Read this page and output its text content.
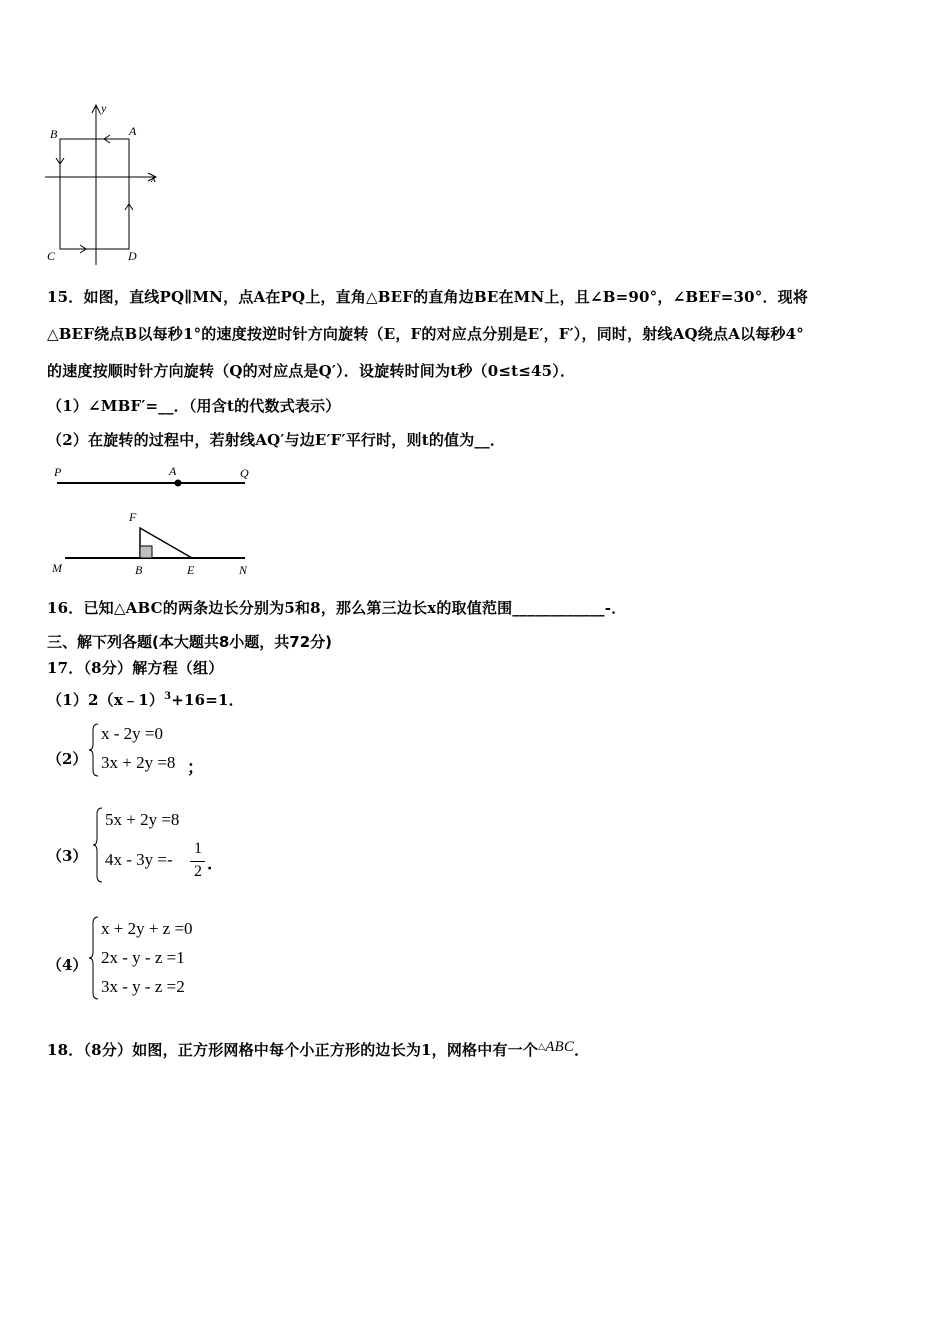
y
x
A
B
C	D
15．如图，直线PQ∥MN，点A在PQ上，直角△BEF的直角边BE在MN上，且∠B=90°，∠BEF=30°．现将
△BEF绕点B以每秒1°的速度按逆时针方向旋转（E，F的对应点分别是E′，F′），同时，射线AQ绕点A以每秒4°
的速度按顺时针方向旋转（Q的对应点是Q′）．设旋转时间为t秒（0≤t≤45）．
（1）∠MBF′=__．（用含t的代数式表示）
（2）在旋转的过程中，若射线AQ′与边E′F′平行时，则t的值为__．
P	A	Q
F
M	B	E	N
16．已知△ABC的两条边长分别为5和8，那么第三边长x的取值范围____________-．
三、解下列各题(本大题共8小题，共72分)
17．（8分）解方程（组）
（1）2（x﹣1）$^3$+16=1．
（2）
x - 2y =0
3x + 2y =8 ；
（3）
5x + 2y =8
4x - 3y =-
1
2 ．
（4）
x + 2y + z =0
2x - y - z =1
3x - y - z =2
18．（8分）如图，正方形网格中每个小正方形的边长为1，网格中有一个△ABC．
